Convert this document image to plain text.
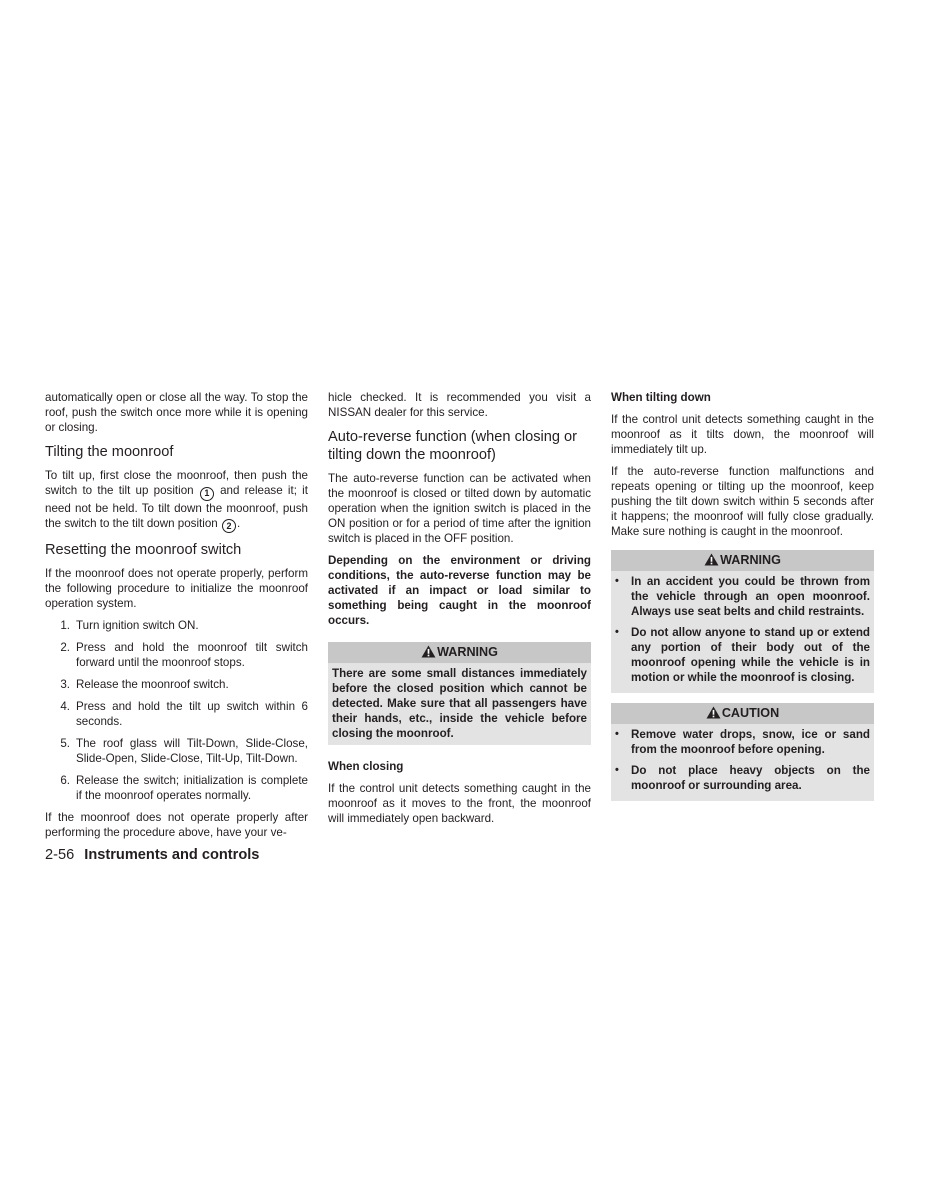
automatically open or close all the way. To stop the roof, push the switch once more while it is opening or closing.

Tilting the moonroof

To tilt up, first close the moonroof, then push the switch to the tilt up position 1 and release it; it need not be held. To tilt down the moonroof, push the switch to the tilt down position 2 .

Resetting the moonroof switch

If the moonroof does not operate properly, perform the following procedure to initialize the moonroof operation system.

1. Turn ignition switch ON.
2. Press and hold the moonroof tilt switch forward until the moonroof stops.
3. Release the moonroof switch.
4. Press and hold the tilt up switch within 6 seconds.
5. The roof glass will Tilt-Down, Slide-Close, Slide-Open, Slide-Close, Tilt-Up, Tilt-Down.
6. Release the switch; initialization is complete if the moonroof operates normally.

If the moonroof does not operate properly after performing the procedure above, have your ve-

hicle checked. It is recommended you visit a NISSAN dealer for this service.

Auto-reverse function (when closing or tilting down the moonroof)

The auto-reverse function can be activated when the moonroof is closed or tilted down by automatic operation when the ignition switch is placed in the ON position or for a period of time after the ignition switch is placed in the OFF position.

Depending on the environment or driving conditions, the auto-reverse function may be activated if an impact or load similar to something being caught in the moonroof occurs.

WARNING
There are some small distances immediately before the closed position which cannot be detected. Make sure that all passengers have their hands, etc., inside the vehicle before closing the moonroof.
When closing

If the control unit detects something caught in the moonroof as it moves to the front, the moonroof will immediately open backward.

When tilting down

If the control unit detects something caught in the moonroof as it tilts down, the moonroof will immediately tilt up.

If the auto-reverse function malfunctions and repeats opening or tilting up the moonroof, keep pushing the tilt down switch within 5 seconds after it happens; the moonroof will fully close gradually. Make sure nothing is caught in the moonroof.

WARNING
•	In an accident you could be thrown from the vehicle through an open moonroof. Always use seat belts and child restraints.
•	Do not allow anyone to stand up or extend any portion of their body out of the moonroof opening while the vehicle is in motion or while the moonroof is closing.
CAUTION
•	Remove water drops, snow, ice or sand from the moonroof before opening.
•	Do not place heavy objects on the moonroof or surrounding area.
2-56 Instruments and controls
